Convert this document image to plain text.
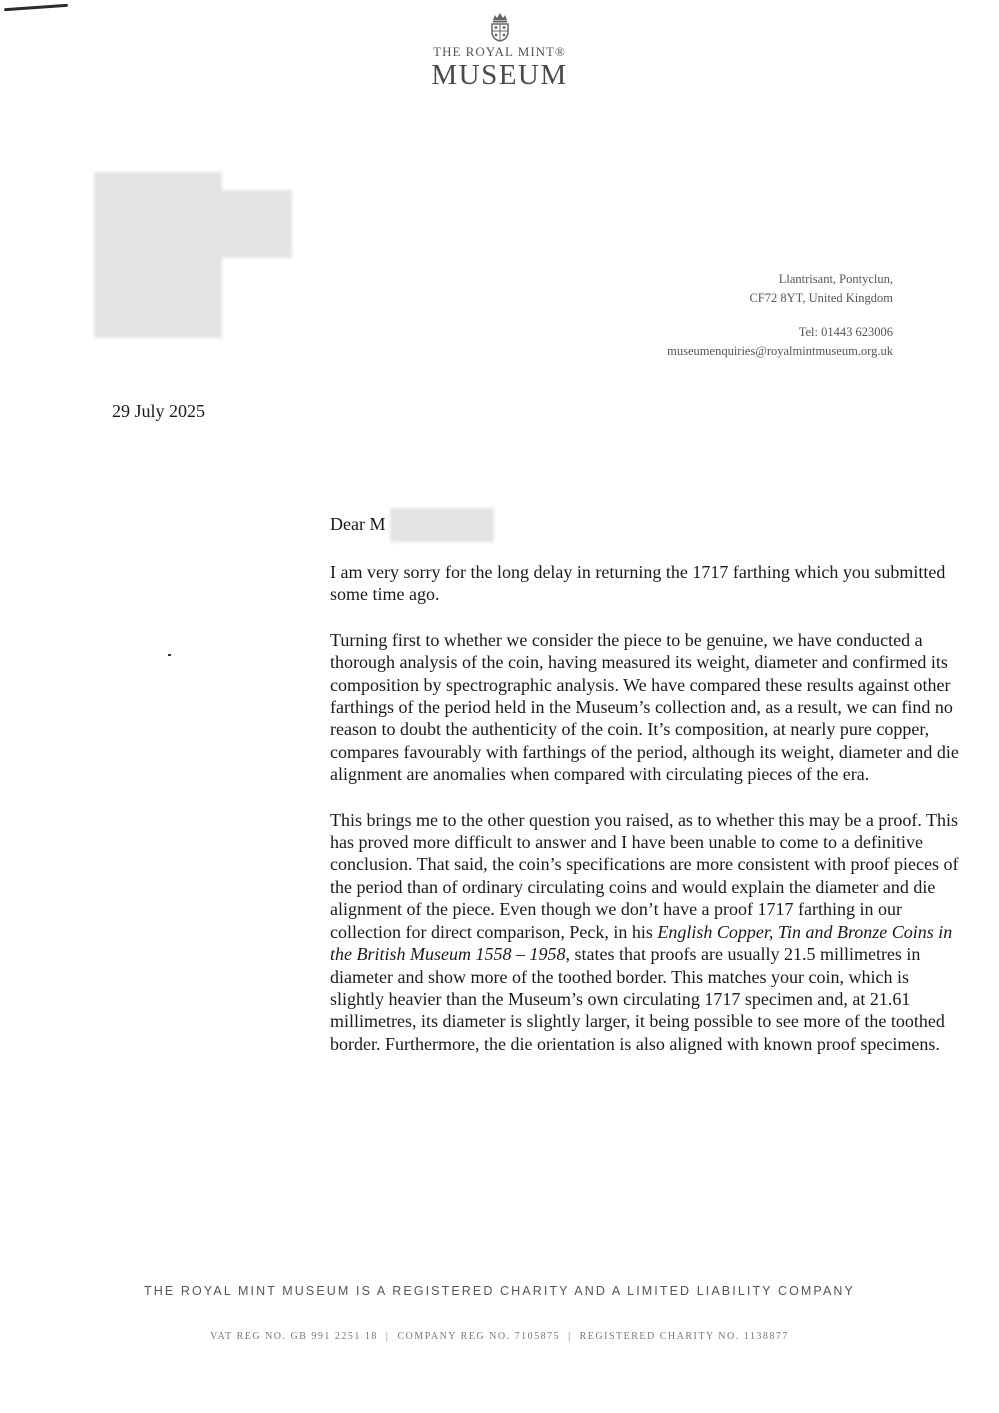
THE ROYAL MINT®
MUSEUM
Llantrisant, Pontyclun,
CF72 8YT, United Kingdom
Tel: 01443 623006
museumenquiries@royalmintmuseum.org.uk
29 July 2025
Dear M

I am very sorry for the long delay in returning the 1717 farthing which you submitted some time ago.

Turning first to whether we consider the piece to be genuine, we have conducted a thorough analysis of the coin, having measured its weight, diameter and confirmed its composition by spectrographic analysis. We have compared these results against other farthings of the period held in the Museum’s collection and, as a result, we can find no reason to doubt the authenticity of the coin. It’s composition, at nearly pure copper, compares favourably with farthings of the period, although its weight, diameter and die alignment are anomalies when compared with circulating pieces of the era.

This brings me to the other question you raised, as to whether this may be a proof. This has proved more difficult to answer and I have been unable to come to a definitive conclusion. That said, the coin’s specifications are more consistent with proof pieces of the period than of ordinary circulating coins and would explain the diameter and die alignment of the piece. Even though we don’t have a proof 1717 farthing in our collection for direct comparison, Peck, in his English Copper, Tin and Bronze Coins in the British Museum 1558 – 1958, states that proofs are usually 21.5 millimetres in diameter and show more of the toothed border. This matches your coin, which is slightly heavier than the Museum’s own circulating 1717 specimen and, at 21.61 millimetres, its diameter is slightly larger, it being possible to see more of the toothed border. Furthermore, the die orientation is also aligned with known proof specimens.

THE ROYAL MINT MUSEUM IS A REGISTERED CHARITY AND A LIMITED LIABILITY COMPANY
VAT REG NO. GB 991 2251 18 | COMPANY REG NO. 7105875 | REGISTERED CHARITY NO. 1138877
